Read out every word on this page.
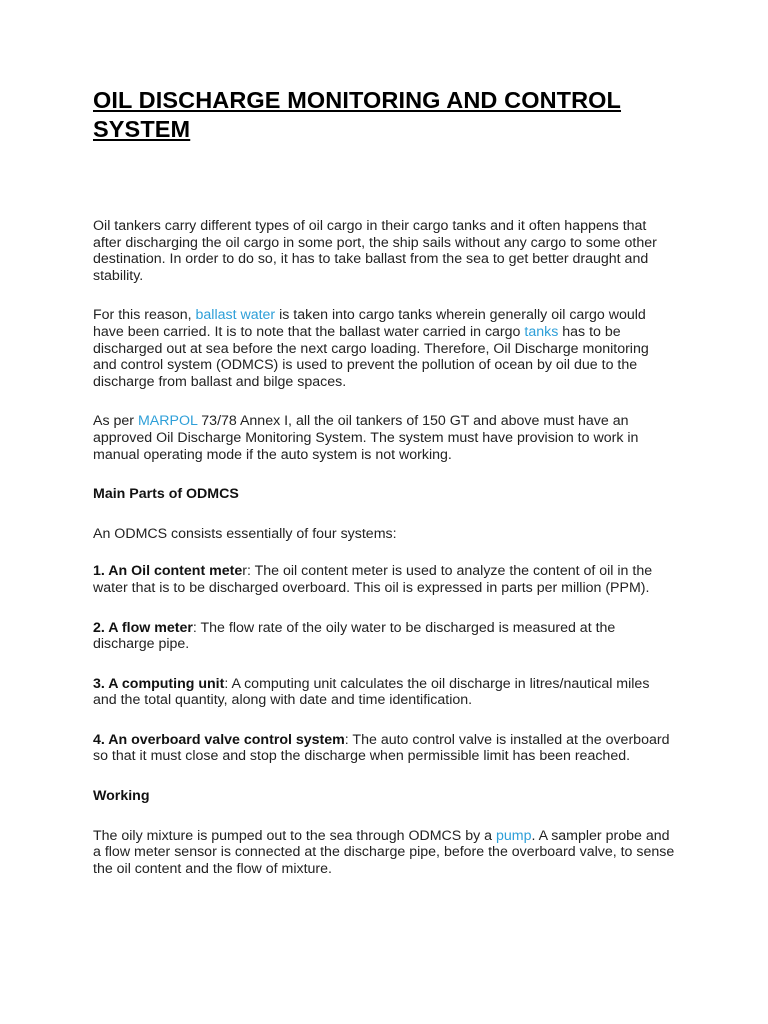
OIL DISCHARGE MONITORING AND CONTROL SYSTEM

Oil tankers carry different types of oil cargo in their cargo tanks and it often happens that after discharging the oil cargo in some port, the ship sails without any cargo to some other destination. In order to do so, it has to take ballast from the sea to get better draught and stability.

For this reason, ballast water is taken into cargo tanks wherein generally oil cargo would have been carried. It is to note that the ballast water carried in cargo tanks has to be discharged out at sea before the next cargo loading. Therefore, Oil Discharge monitoring and control system (ODMCS) is used to prevent the pollution of ocean by oil due to the discharge from ballast and bilge spaces.

As per MARPOL 73/78 Annex I, all the oil tankers of 150 GT and above must have an approved Oil Discharge Monitoring System. The system must have provision to work in manual operating mode if the auto system is not working.

Main Parts of ODMCS

An ODMCS consists essentially of four systems:

1. An Oil content meter: The oil content meter is used to analyze the content of oil in the water that is to be discharged overboard. This oil is expressed in parts per million (PPM).

2. A flow meter: The flow rate of the oily water to be discharged is measured at the discharge pipe.

3. A computing unit: A computing unit calculates the oil discharge in litres/nautical miles and the total quantity, along with date and time identification.

4. An overboard valve control system: The auto control valve is installed at the overboard so that it must close and stop the discharge when permissible limit has been reached.

Working

The oily mixture is pumped out to the sea through ODMCS by a pump. A sampler probe and a flow meter sensor is connected at the discharge pipe, before the overboard valve, to sense the oil content and the flow of mixture.
